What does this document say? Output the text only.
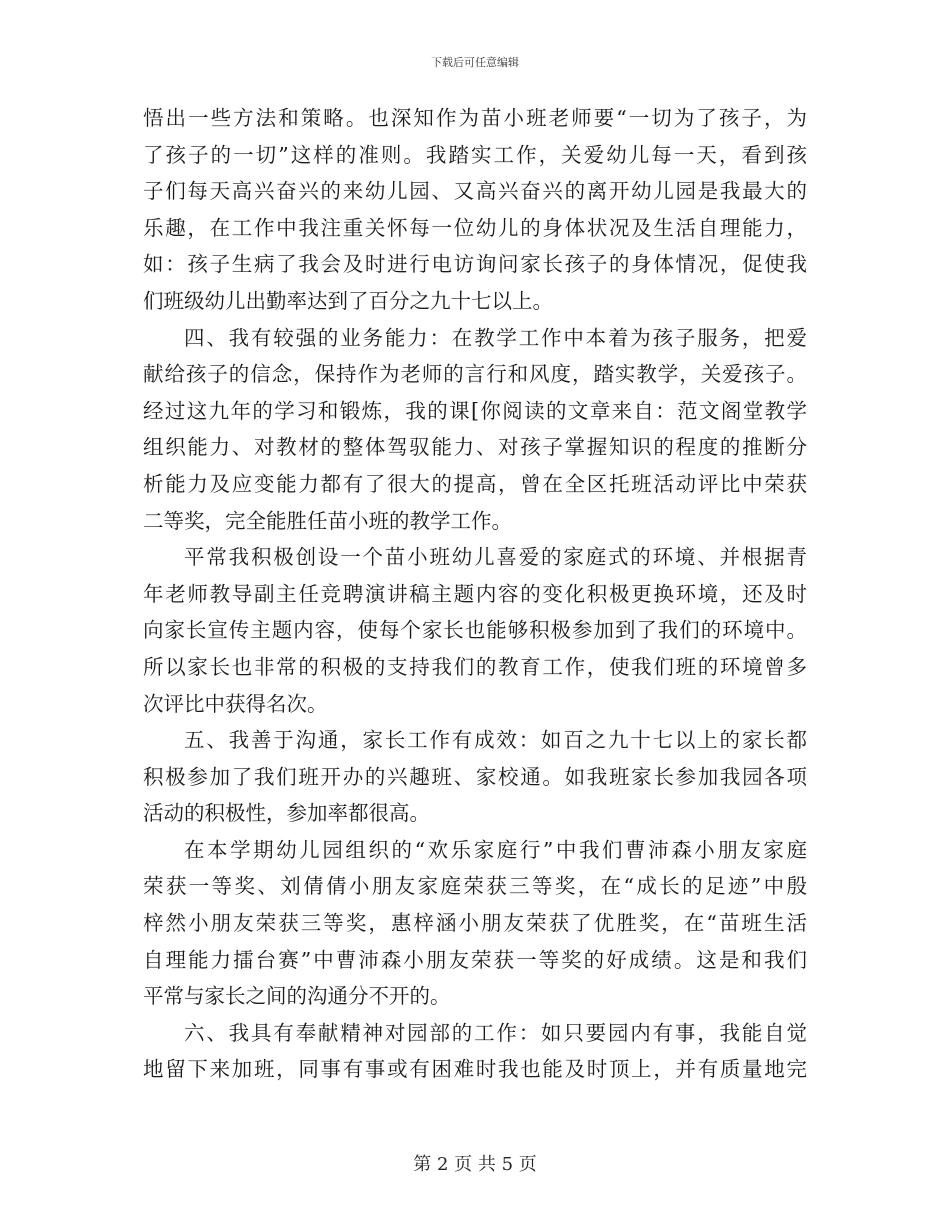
下载后可任意编辑
悟出一些方法和策略。也深知作为苗小班老师要“一切为了孩子，为
了孩子的一切”这样的准则。我踏实工作，关爱幼儿每一天，看到孩
子们每天高兴奋兴的来幼儿园、又高兴奋兴的离开幼儿园是我最大的
乐趣，在工作中我注重关怀每一位幼儿的身体状况及生活自理能力，
如：孩子生病了我会及时进行电访询问家长孩子的身体情况，促使我
们班级幼儿出勤率达到了百分之九十七以上。
四、我有较强的业务能力：在教学工作中本着为孩子服务，把爱
献给孩子的信念，保持作为老师的言行和风度，踏实教学，关爱孩子。
经过这九年的学习和锻炼，我的课[你阅读的文章来自：范文阁堂教学
组织能力、对教材的整体驾驭能力、对孩子掌握知识的程度的推断分
析能力及应变能力都有了很大的提高，曾在全区托班活动评比中荣获
二等奖，完全能胜任苗小班的教学工作。
平常我积极创设一个苗小班幼儿喜爱的家庭式的环境、并根据青
年老师教导副主任竞聘演讲稿主题内容的变化积极更换环境，还及时
向家长宣传主题内容，使每个家长也能够积极参加到了我们的环境中。
所以家长也非常的积极的支持我们的教育工作，使我们班的环境曾多
次评比中获得名次。
五、我善于沟通，家长工作有成效：如百之九十七以上的家长都
积极参加了我们班开办的兴趣班、家校通。如我班家长参加我园各项
活动的积极性，参加率都很高。
在本学期幼儿园组织的“欢乐家庭行”中我们曹沛森小朋友家庭
荣获一等奖、刘倩倩小朋友家庭荣获三等奖，在“成长的足迹”中殷
梓然小朋友荣获三等奖，惠梓涵小朋友荣获了优胜奖，在“苗班生活
自理能力擂台赛”中曹沛森小朋友荣获一等奖的好成绩。这是和我们
平常与家长之间的沟通分不开的。
六、我具有奉献精神对园部的工作：如只要园内有事，我能自觉
地留下来加班，同事有事或有困难时我也能及时顶上，并有质量地完
第 2 页 共 5 页
